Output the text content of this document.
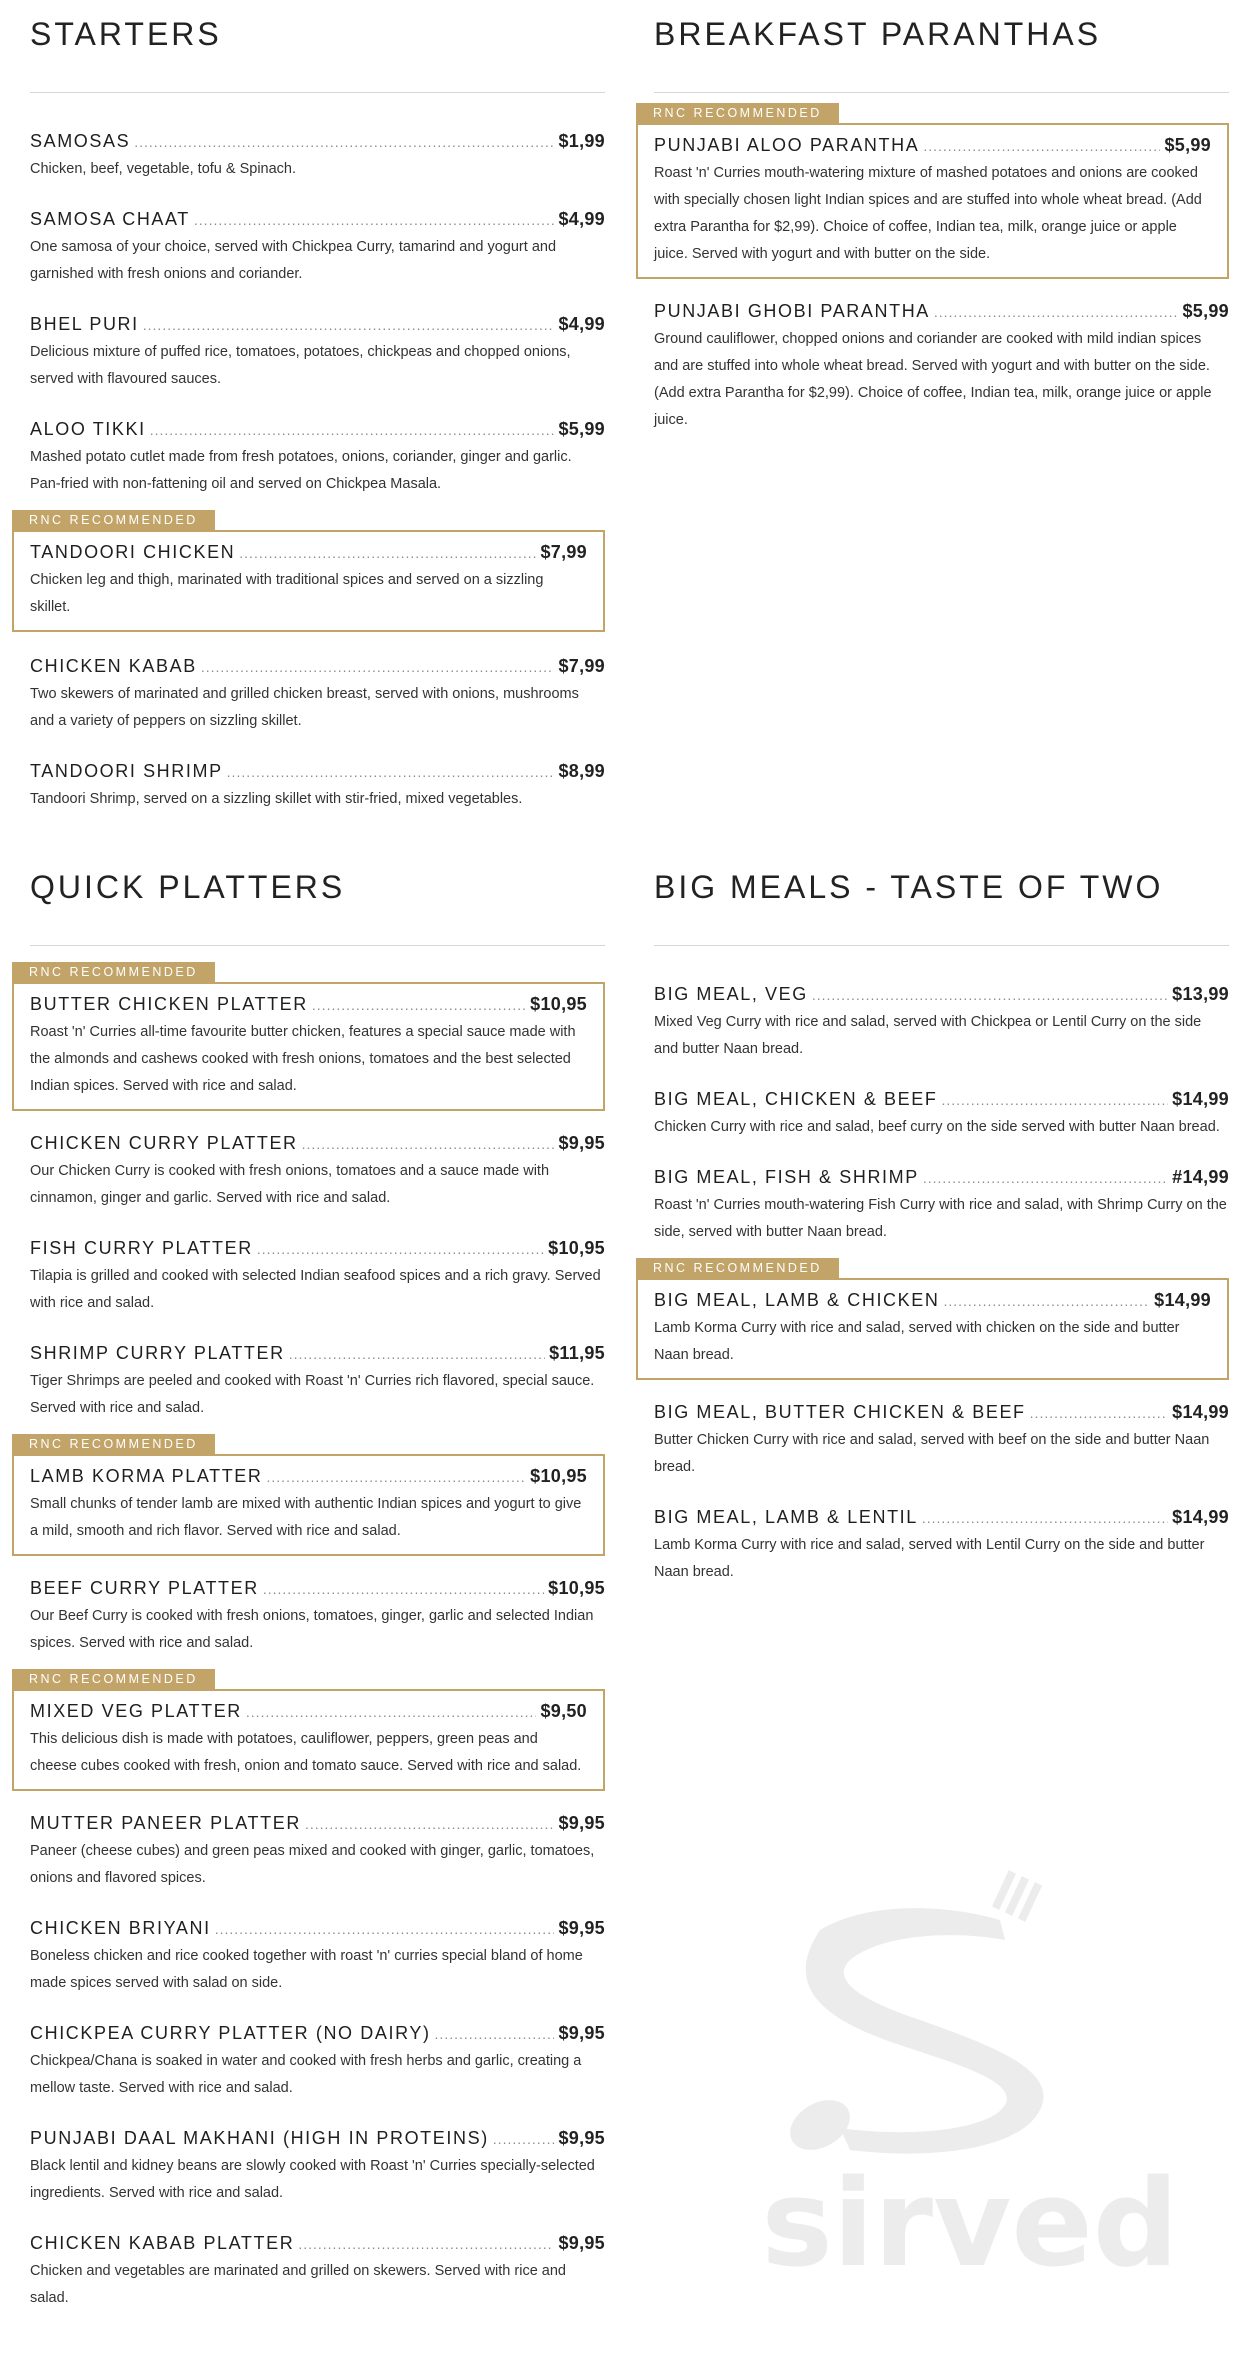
STARTERS
SAMOSAS .....	$1,99
Chicken, beef, vegetable, tofu & Spinach.
SAMOSA CHAAT .....	$4,99
One samosa of your choice, served with Chickpea Curry, tamarind and yogurt and garnished with fresh onions and coriander.
BHEL PURI .....	$4,99
Delicious mixture of puffed rice, tomatoes, potatoes, chickpeas and chopped onions, served with flavoured sauces.
ALOO TIKKI .....	$5,99
Mashed potato cutlet made from fresh potatoes, onions, coriander, ginger and garlic. Pan-fried with non-fattening oil and served on Chickpea Masala.
RNC RECOMMENDED
TANDOORI CHICKEN .....	$7,99
Chicken leg and thigh, marinated with traditional spices and served on a sizzling skillet.
CHICKEN KABAB .....	$7,99
Two skewers of marinated and grilled chicken breast, served with onions, mushrooms and a variety of peppers on sizzling skillet.
TANDOORI SHRIMP .....	$8,99
Tandoori Shrimp, served on a sizzling skillet with stir-fried, mixed vegetables.
BREAKFAST PARANTHAS
RNC RECOMMENDED
PUNJABI ALOO PARANTHA .....	$5,99
Roast 'n' Curries mouth-watering mixture of mashed potatoes and onions are cooked with specially chosen light Indian spices and are stuffed into whole wheat bread. (Add extra Parantha for $2,99). Choice of coffee, Indian tea, milk, orange juice or apple juice. Served with yogurt and with butter on the side.
PUNJABI GHOBI PARANTHA .....	$5,99
Ground cauliflower, chopped onions and coriander are cooked with mild indian spices and are stuffed into whole wheat bread. Served with yogurt and with butter on the side. (Add extra Parantha for $2,99). Choice of coffee, Indian tea, milk, orange juice or apple juice.
QUICK PLATTERS
RNC RECOMMENDED
BUTTER CHICKEN PLATTER .....	$10,95
Roast 'n' Curries all-time favourite butter chicken, features a special sauce made with the almonds and cashews cooked with fresh onions, tomatoes and the best selected Indian spices. Served with rice and salad.
CHICKEN CURRY PLATTER .....	$9,95
Our Chicken Curry is cooked with fresh onions, tomatoes and a sauce made with cinnamon, ginger and garlic. Served with rice and salad.
FISH CURRY PLATTER .....	$10,95
Tilapia is grilled and cooked with selected Indian seafood spices and a rich gravy. Served with rice and salad.
SHRIMP CURRY PLATTER .....	$11,95
Tiger Shrimps are peeled and cooked with Roast 'n' Curries rich flavored, special sauce. Served with rice and salad.
RNC RECOMMENDED
LAMB KORMA PLATTER .....	$10,95
Small chunks of tender lamb are mixed with authentic Indian spices and yogurt to give a mild, smooth and rich flavor. Served with rice and salad.
BEEF CURRY PLATTER .....	$10,95
Our Beef Curry is cooked with fresh onions, tomatoes, ginger, garlic and selected Indian spices. Served with rice and salad.
RNC RECOMMENDED
MIXED VEG PLATTER .....	$9,50
This delicious dish is made with potatoes, cauliflower, peppers, green peas and cheese cubes cooked with fresh, onion and tomato sauce. Served with rice and salad.
MUTTER PANEER PLATTER .....	$9,95
Paneer (cheese cubes) and green peas mixed and cooked with ginger, garlic, tomatoes, onions and flavored spices.
CHICKEN BRIYANI .....	$9,95
Boneless chicken and rice cooked together with roast 'n' curries special bland of home made spices served with salad on side.
CHICKPEA CURRY PLATTER (NO DAIRY) .....	$9,95
Chickpea/Chana is soaked in water and cooked with fresh herbs and garlic, creating a mellow taste. Served with rice and salad.
PUNJABI DAAL MAKHANI (HIGH IN PROTEINS) .....	$9,95
Black lentil and kidney beans are slowly cooked with Roast 'n' Curries specially-selected ingredients. Served with rice and salad.
CHICKEN KABAB PLATTER .....	$9,95
Chicken and vegetables are marinated and grilled on skewers. Served with rice and salad.
BIG MEALS - TASTE OF TWO
BIG MEAL, VEG .....	$13,99
Mixed Veg Curry with rice and salad, served with Chickpea or Lentil Curry on the side and butter Naan bread.
BIG MEAL, CHICKEN & BEEF .....	$14,99
Chicken Curry with rice and salad, beef curry on the side served with butter Naan bread.
BIG MEAL, FISH & SHRIMP .....	#14,99
Roast 'n' Curries mouth-watering Fish Curry with rice and salad, with Shrimp Curry on the side, served with butter Naan bread.
RNC RECOMMENDED
BIG MEAL, LAMB & CHICKEN .....	$14,99
Lamb Korma Curry with rice and salad, served with chicken on the side and butter Naan bread.
BIG MEAL, BUTTER CHICKEN & BEEF .....	$14,99
Butter Chicken Curry with rice and salad, served with beef on the side and butter Naan bread.
BIG MEAL, LAMB & LENTIL .....	$14,99
Lamb Korma Curry with rice and salad, served with Lentil Curry on the side and butter Naan bread.
sirved
